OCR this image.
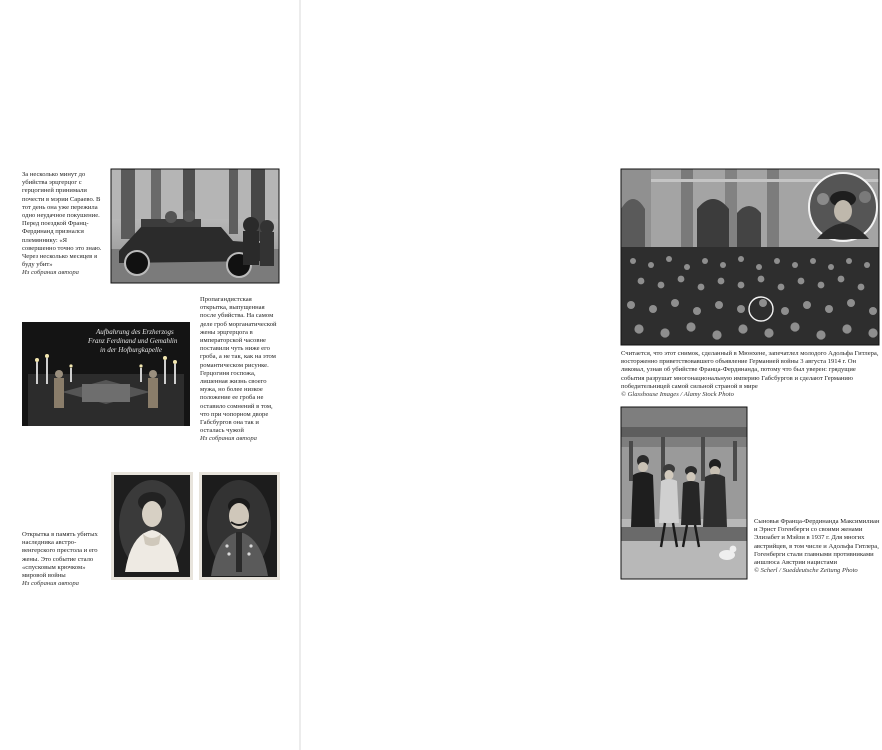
За несколько минут до убийства эрцгерцог с герцогиней принимали почести в мэрии Сараево. В тот день она уже пережила одно неудачное покушение. Перед поездкой Франц-Фердинанд признался племяннику: «Я совершенно точно это знаю. Через несколько месяцев я буду убит»
Из собрания автора

Пропагандистская открытка, выпущенная после убийства. На самом деле гроб морганатической жены эрцгерцога в императорской часовне поставили чуть ниже его гроба, а не так, как на этом романтическом рисунке. Герцогиня госпожа, лишенная жизнь своего мужа, но более низкое положение ее гроба не оставило сомнений в том, что при чопорном дворе Габсбургов она так и осталась чужой
Из собрания автора

Aufbahrung des Erzherzogs
Franz Ferdinand und Gemahlin
in der Hofburgkapelle

Открытка в память убитых наследника австро-венгерского престола и его жены. Это событие стало «спусковым крючком» мировой войны
Из собрания автора

Считается, что этот снимок, сделанный в Мюнхене, запечатлел молодого Адольфа Гитлера, восторженно приветствовавшего объявление Германией войны 3 августа 1914 г. Он ликовал, узнав об убийстве Франца-Фердинанда, потому что был уверен: грядущие события разрушат многонациональную империю Габсбургов и сделают Германию победительницей самой сильной страной в мире
© Glasshouse Images / Alamy Stock Photo

Сыновья Франца-Фердинанда Максимилиан и Эрнст Гогенберги со своими женами Элизабет и Мэйзи в 1937 г. Для многих австрийцев, в том числе и Адольфа Гитлера, Гогенберги стали главными противниками аншлюса Австрии нацистами
© Scherl / Sueddeutsche Zeitung Photo
